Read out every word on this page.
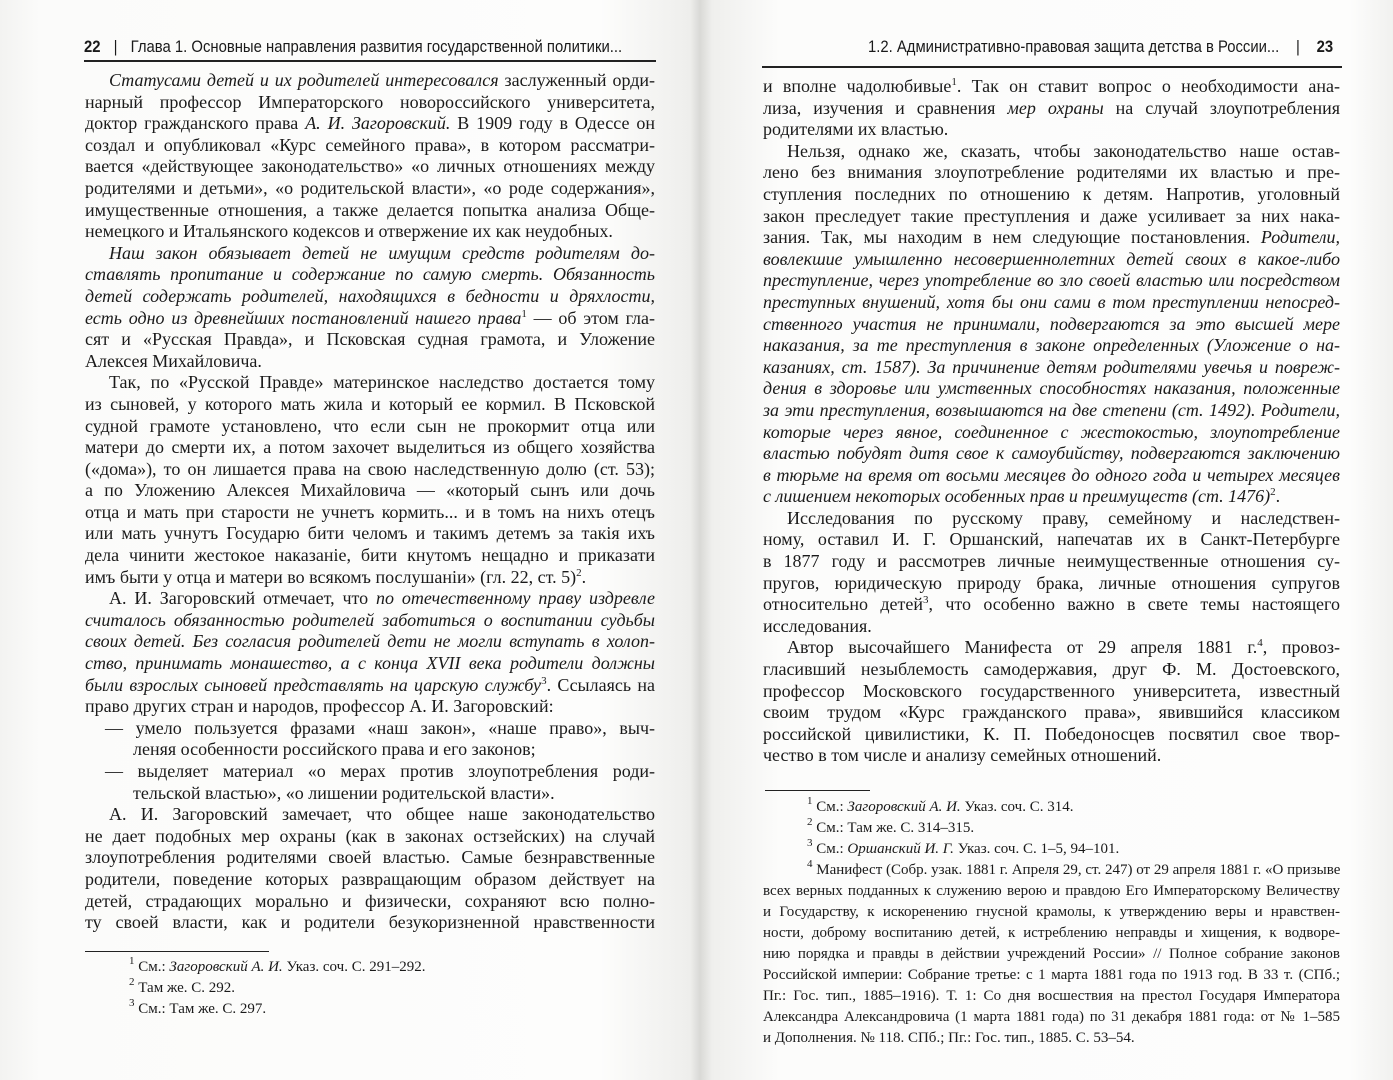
22 | Глава 1. Основные направления развития государственной политики...
Статусами детей и их родителей интересовался заслуженный орди-
нарный профессор Императорского новороссийского университета,
доктор гражданского права А. И. Загоровский. В 1909 году в Одессе он
создал и опубликовал «Курс семейного права», в котором рассматри-
вается «действующее законодательство» «о личных отношениях между
родителями и детьми», «о родительской власти», «о роде содержания»,
имущественные отношения, а также делается попытка анализа Обще-
немецкого и Итальянского кодексов и отвержение их как неудобных.
Наш закон обязывает детей не имущим средств родителям до-
ставлять пропитание и содержание по самую смерть. Обязанность
детей содержать родителей, находящихся в бедности и дряхлости,
есть одно из древнейших постановлений нашего права$^1$ — об этом гла-
сят и «Русская Правда», и Псковская судная грамота, и Уложение
Алексея Михайловича.
Так, по «Русской Правде» материнское наследство достается тому
из сыновей, у которого мать жила и который ее кормил. В Псковской
судной грамоте установлено, что если сын не прокормит отца или
матери до смерти их, а потом захочет выделиться из общего хозяйства
(«дома»), то он лишается права на свою наследственную долю (ст. 53);
а по Уложению Алексея Михайловича — «который сынъ или дочь
отца и мать при старости не учнетъ кормить... и в томъ на нихъ отецъ
или мать учнутъ Государю бити челомъ и такимъ детемъ за такія ихъ
дела чинити жестокое наказаніе, бити кнутомъ нещадно и приказати
имъ быти у отца и матери во всякомъ послушаніи» (гл. 22, ст. 5)$^2$.
А. И. Загоровский отмечает, что по отечественному праву издревле
считалось обязанностью родителей заботиться о воспитании судьбы
своих детей. Без согласия родителей дети не могли вступать в холоп-
ство, принимать монашество, а с конца XVII века родители должны
были взрослых сыновей представлять на царскую службу$^3$. Ссылаясь на
право других стран и народов, профессор А. И. Загоровский:
— умело пользуется фразами «наш закон», «наше право», выч-
леняя особенности российского права и его законов;
— выделяет материал «о мерах против злоупотребления роди-
тельской властью», «о лишении родительской власти».
А. И. Загоровский замечает, что общее наше законодательство
не дает подобных мер охраны (как в законах остзейских) на случай
злоупотребления родителями своей властью. Самые безнравственные
родители, поведение которых развращающим образом действует на
детей, страдающих морально и физически, сохраняют всю полно-
ту своей власти, как и родители безукоризненной нравственности
$^1$ См.: Загоровский А. И. Указ. соч. С. 291–292.
$^2$ Там же. С. 292.
$^3$ См.: Там же. С. 297.
1.2. Административно-правовая защита детства в России... | 23
и вполне чадолюбивые$^1$. Так он ставит вопрос о необходимости ана-
лиза, изучения и сравнения мер охраны на случай злоупотребления
родителями их властью.
Нельзя, однако же, сказать, чтобы законодательство наше остав-
лено без внимания злоупотребление родителями их властью и пре-
ступления последних по отношению к детям. Напротив, уголовный
закон преследует такие преступления и даже усиливает за них нака-
зания. Так, мы находим в нем следующие постановления. Родители,
вовлекшие умышленно несовершеннолетних детей своих в какое-либо
преступление, через употребление во зло своей властью или посредством
преступных внушений, хотя бы они сами в том преступлении непосред-
ственного участия не принимали, подвергаются за это высшей мере
наказания, за те преступления в законе определенных (Уложение о на-
казаниях, ст. 1587). За причинение детям родителями увечья и повреж-
дения в здоровье или умственных способностях наказания, положенные
за эти преступления, возвышаются на две степени (ст. 1492). Родители,
которые через явное, соединенное с жестокостью, злоупотребление
властью побудят дитя свое к самоубийству, подвергаются заключению
в тюрьме на время от восьми месяцев до одного года и четырех месяцев
с лишением некоторых особенных прав и преимуществ (ст. 1476)$^2$.
Исследования по русскому праву, семейному и наследствен-
ному, оставил И. Г. Оршанский, напечатав их в Санкт-Петербурге
в 1877 году и рассмотрев личные неимущественные отношения су-
пругов, юридическую природу брака, личные отношения супругов
относительно детей$^3$, что особенно важно в свете темы настоящего
исследования.
Автор высочайшего Манифеста от 29 апреля 1881 г.$^4$, провоз-
гласивший незыблемость самодержавия, друг Ф. М. Достоевского,
профессор Московского государственного университета, известный
своим трудом «Курс гражданского права», явившийся классиком
российской цивилистики, К. П. Победоносцев посвятил свое твор-
чество в том числе и анализу семейных отношений.
$^1$ См.: Загоровский А. И. Указ. соч. С. 314.
$^2$ См.: Там же. С. 314–315.
$^3$ См.: Оршанский И. Г. Указ. соч. С. 1–5, 94–101.
$^4$ Манифест (Собр. узак. 1881 г. Апреля 29, ст. 247) от 29 апреля 1881 г. «О призыве
всех верных подданных к служению верою и правдою Его Императорскому Величеству
и Государству, к искоренению гнусной крамолы, к утверждению веры и нравствен-
ности, доброму воспитанию детей, к истреблению неправды и хищения, к водворе-
нию порядка и правды в действии учреждений России» // Полное собрание законов
Российской империи: Собрание третье: с 1 марта 1881 года по 1913 год. В 33 т. (СПб.;
Пг.: Гос. тип., 1885–1916). Т. 1: Со дня восшествия на престол Государя Императора
Александра Александровича (1 марта 1881 года) по 31 декабря 1881 года: от № 1–585
и Дополнения. № 118. СПб.; Пг.: Гос. тип., 1885. С. 53–54.
